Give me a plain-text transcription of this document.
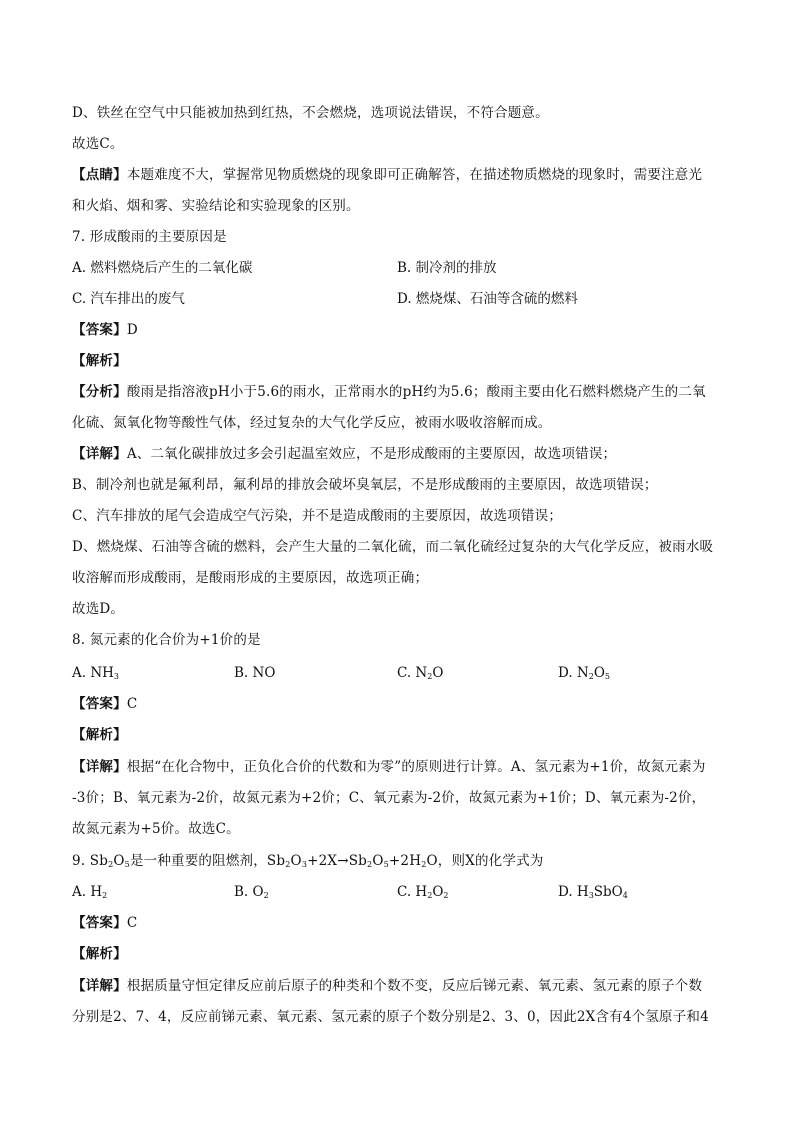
D、铁丝在空气中只能被加热到红热，不会燃烧，选项说法错误，不符合题意。
故选C。
【点睛】本题难度不大，掌握常见物质燃烧的现象即可正确解答，在描述物质燃烧的现象时，需要注意光
和火焰、烟和雾、实验结论和实验现象的区别。
7. 形成酸雨的主要原因是
A. 燃料燃烧后产生的二氧化碳	B. 制冷剂的排放
C. 汽车排出的废气	D. 燃烧煤、石油等含硫的燃料
【答案】D
【解析】
【分析】酸雨是指溶液pH小于5.6的雨水，正常雨水的pH约为5.6；酸雨主要由化石燃料燃烧产生的二氧
化硫、氮氧化物等酸性气体，经过复杂的大气化学反应，被雨水吸收溶解而成。
【详解】A、二氧化碳排放过多会引起温室效应，不是形成酸雨的主要原因，故选项错误；
B、制冷剂也就是氟利昂，氟利昂的排放会破坏臭氧层，不是形成酸雨的主要原因，故选项错误；
C、汽车排放的尾气会造成空气污染，并不是造成酸雨的主要原因，故选项错误；
D、燃烧煤、石油等含硫的燃料，会产生大量的二氧化硫，而二氧化硫经过复杂的大气化学反应，被雨水吸
收溶解而形成酸雨，是酸雨形成的主要原因，故选项正确；
故选D。
8. 氮元素的化合价为+1价的是
A. $NH_3$	B. NO	C. $N_2O$	D. $N_2O_5$
【答案】C
【解析】
【详解】根据“在化合物中，正负化合价的代数和为零”的原则进行计算。A、氢元素为+1价，故氮元素为
-3价；B、氧元素为-2价，故氮元素为+2价；C、氧元素为-2价，故氮元素为+1价；D、氧元素为-2价，
故氮元素为+5价。故选C。
9. $Sb_2O_5$是一种重要的阻燃剂，$Sb_2O_3+2X\to Sb_2O_5+2H_2O$，则X的化学式为
A. $H_2$	B. $O_2$	C. $H_2O_2$	D. $H_3SbO_4$
【答案】C
【解析】
【详解】根据质量守恒定律反应前后原子的种类和个数不变，反应后锑元素、氧元素、氢元素的原子个数
分别是2、7、4，反应前锑元素、氧元素、氢元素的原子个数分别是2、3、0，因此2X含有4个氢原子和4
